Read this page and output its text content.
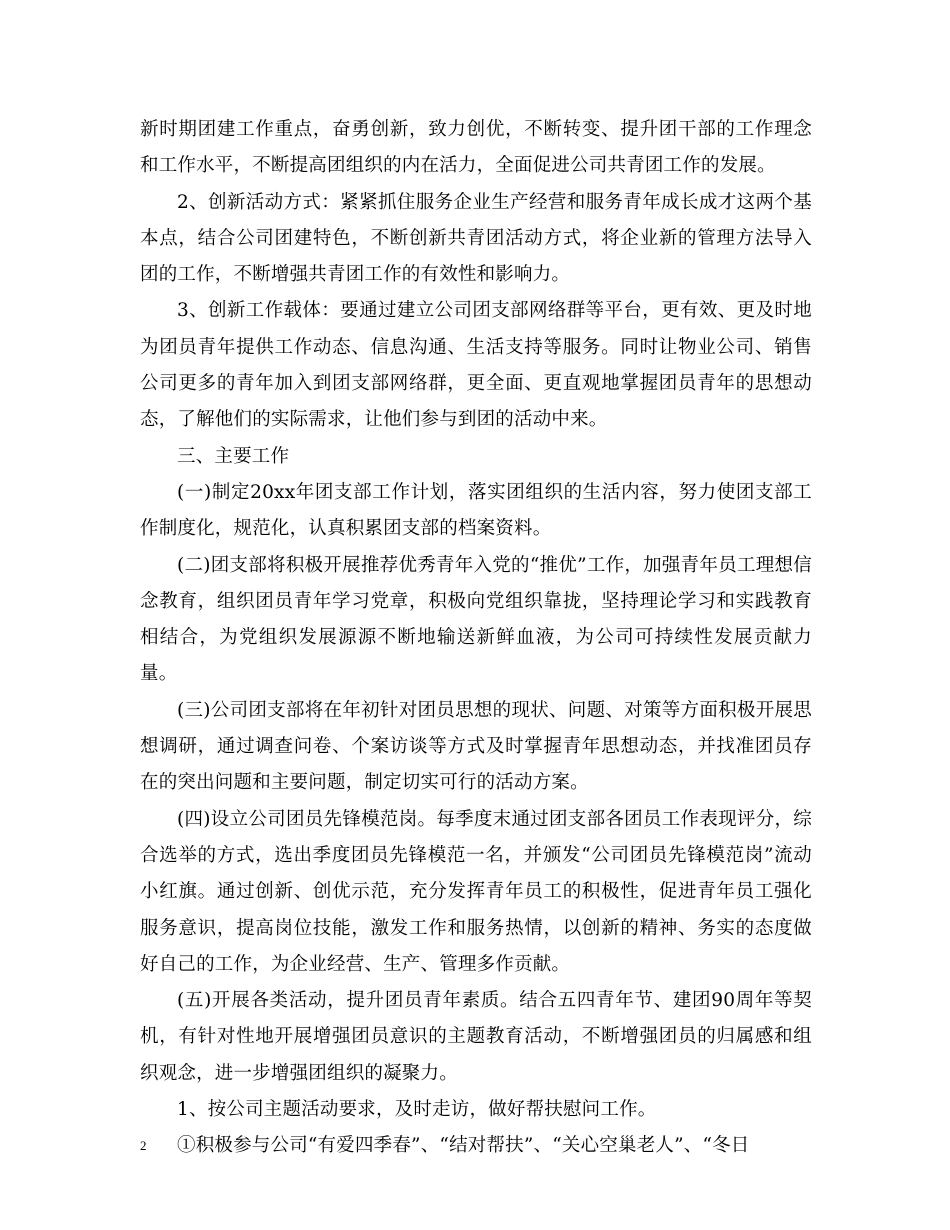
新时期团建工作重点，奋勇创新，致力创优，不断转变、提升团干部的工作理念和工作水平，不断提高团组织的内在活力，全面促进公司共青团工作的发展。

2、创新活动方式：紧紧抓住服务企业生产经营和服务青年成长成才这两个基本点，结合公司团建特色，不断创新共青团活动方式，将企业新的管理方法导入团的工作，不断增强共青团工作的有效性和影响力。

3、创新工作载体：要通过建立公司团支部网络群等平台，更有效、更及时地为团员青年提供工作动态、信息沟通、生活支持等服务。同时让物业公司、销售公司更多的青年加入到团支部网络群，更全面、更直观地掌握团员青年的思想动态，了解他们的实际需求，让他们参与到团的活动中来。

三、主要工作

(一)制定20xx年团支部工作计划，落实团组织的生活内容，努力使团支部工作制度化，规范化，认真积累团支部的档案资料。

(二)团支部将积极开展推荐优秀青年入党的“推优”工作，加强青年员工理想信念教育，组织团员青年学习党章，积极向党组织靠拢，坚持理论学习和实践教育相结合，为党组织发展源源不断地输送新鲜血液，为公司可持续性发展贡献力量。

(三)公司团支部将在年初针对团员思想的现状、问题、对策等方面积极开展思想调研，通过调查问卷、个案访谈等方式及时掌握青年思想动态，并找准团员存在的突出问题和主要问题，制定切实可行的活动方案。

(四)设立公司团员先锋模范岗。每季度末通过团支部各团员工作表现评分，综合选举的方式，选出季度团员先锋模范一名，并颁发“公司团员先锋模范岗”流动小红旗。通过创新、创优示范，充分发挥青年员工的积极性，促进青年员工强化服务意识，提高岗位技能，激发工作和服务热情，以创新的精神、务实的态度做好自己的工作，为企业经营、生产、管理多作贡献。

(五)开展各类活动，提升团员青年素质。结合五四青年节、建团90周年等契机，有针对性地开展增强团员意识的主题教育活动，不断增强团员的归属感和组织观念，进一步增强团组织的凝聚力。

1、按公司主题活动要求，及时走访，做好帮扶慰问工作。

①积极参与公司“有爱四季春”、“结对帮扶”、“关心空巢老人”、“冬日

2
